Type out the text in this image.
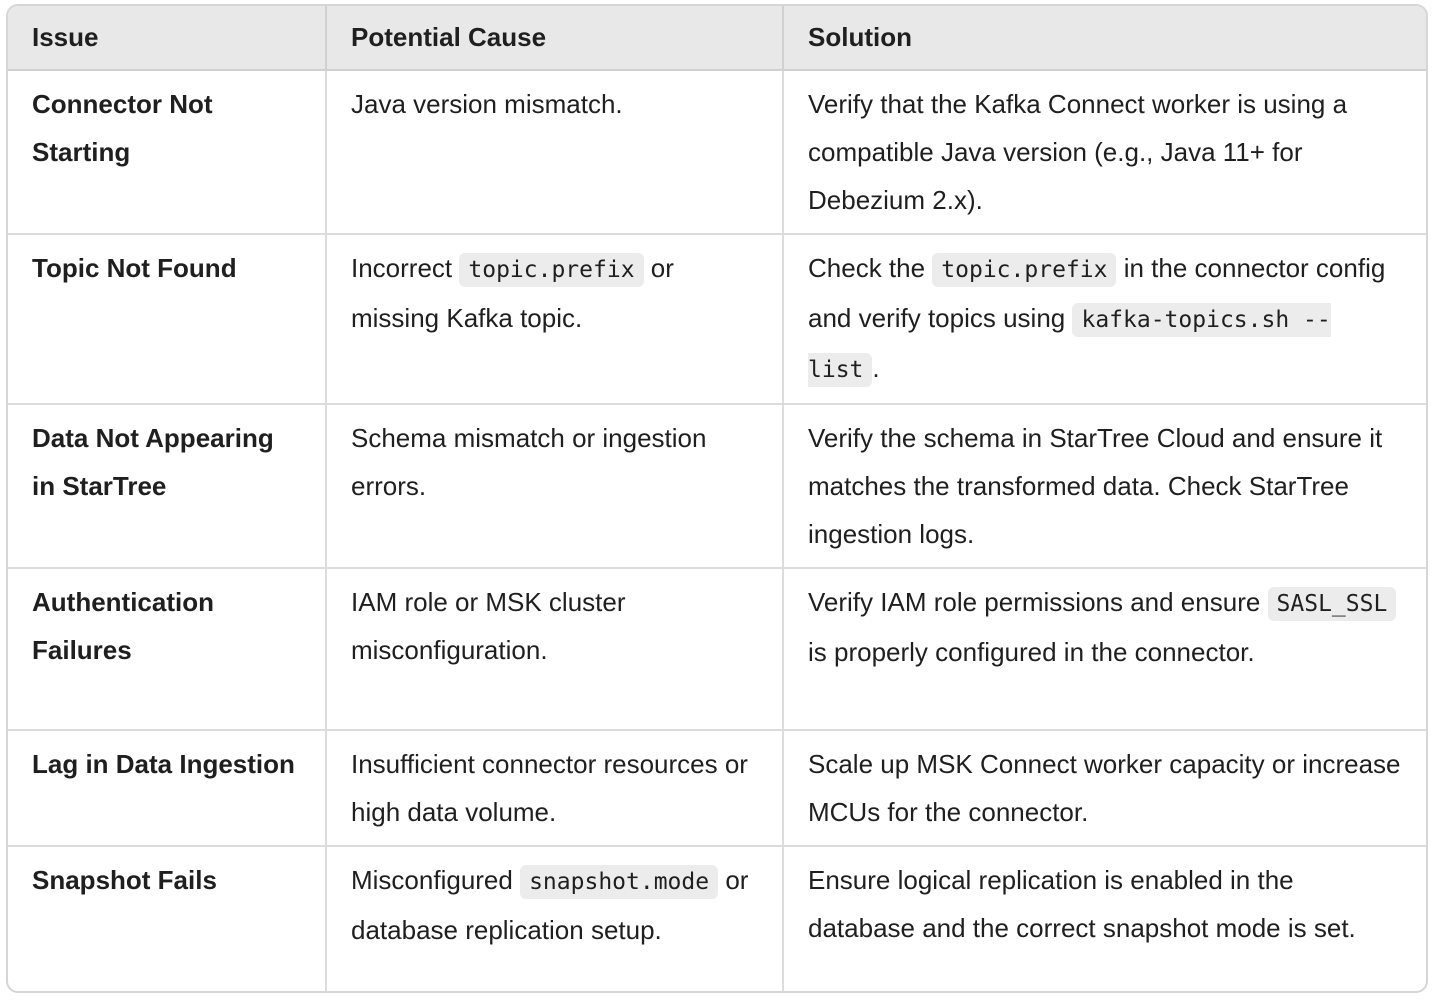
Issue	Potential Cause	Solution
Connector Not Starting	Java version mismatch.	Verify that the Kafka Connect worker is using a compatible Java version (e.g., Java 11+ for Debezium 2.x).
Topic Not Found	Incorrect topic.prefix or missing Kafka topic.	Check the topic.prefix in the connector config and verify topics using kafka-topics.sh --list .
Data Not Appearing in StarTree	Schema mismatch or ingestion errors.	Verify the schema in StarTree Cloud and ensure it matches the transformed data. Check StarTree ingestion logs.
Authentication Failures	IAM role or MSK cluster misconfiguration.	Verify IAM role permissions and ensure SASL_SSL is properly configured in the connector.
Lag in Data Ingestion	Insufficient connector resources or high data volume.	Scale up MSK Connect worker capacity or increase MCUs for the connector.
Snapshot Fails	Misconfigured snapshot.mode or database replication setup.	Ensure logical replication is enabled in the database and the correct snapshot mode is set.
